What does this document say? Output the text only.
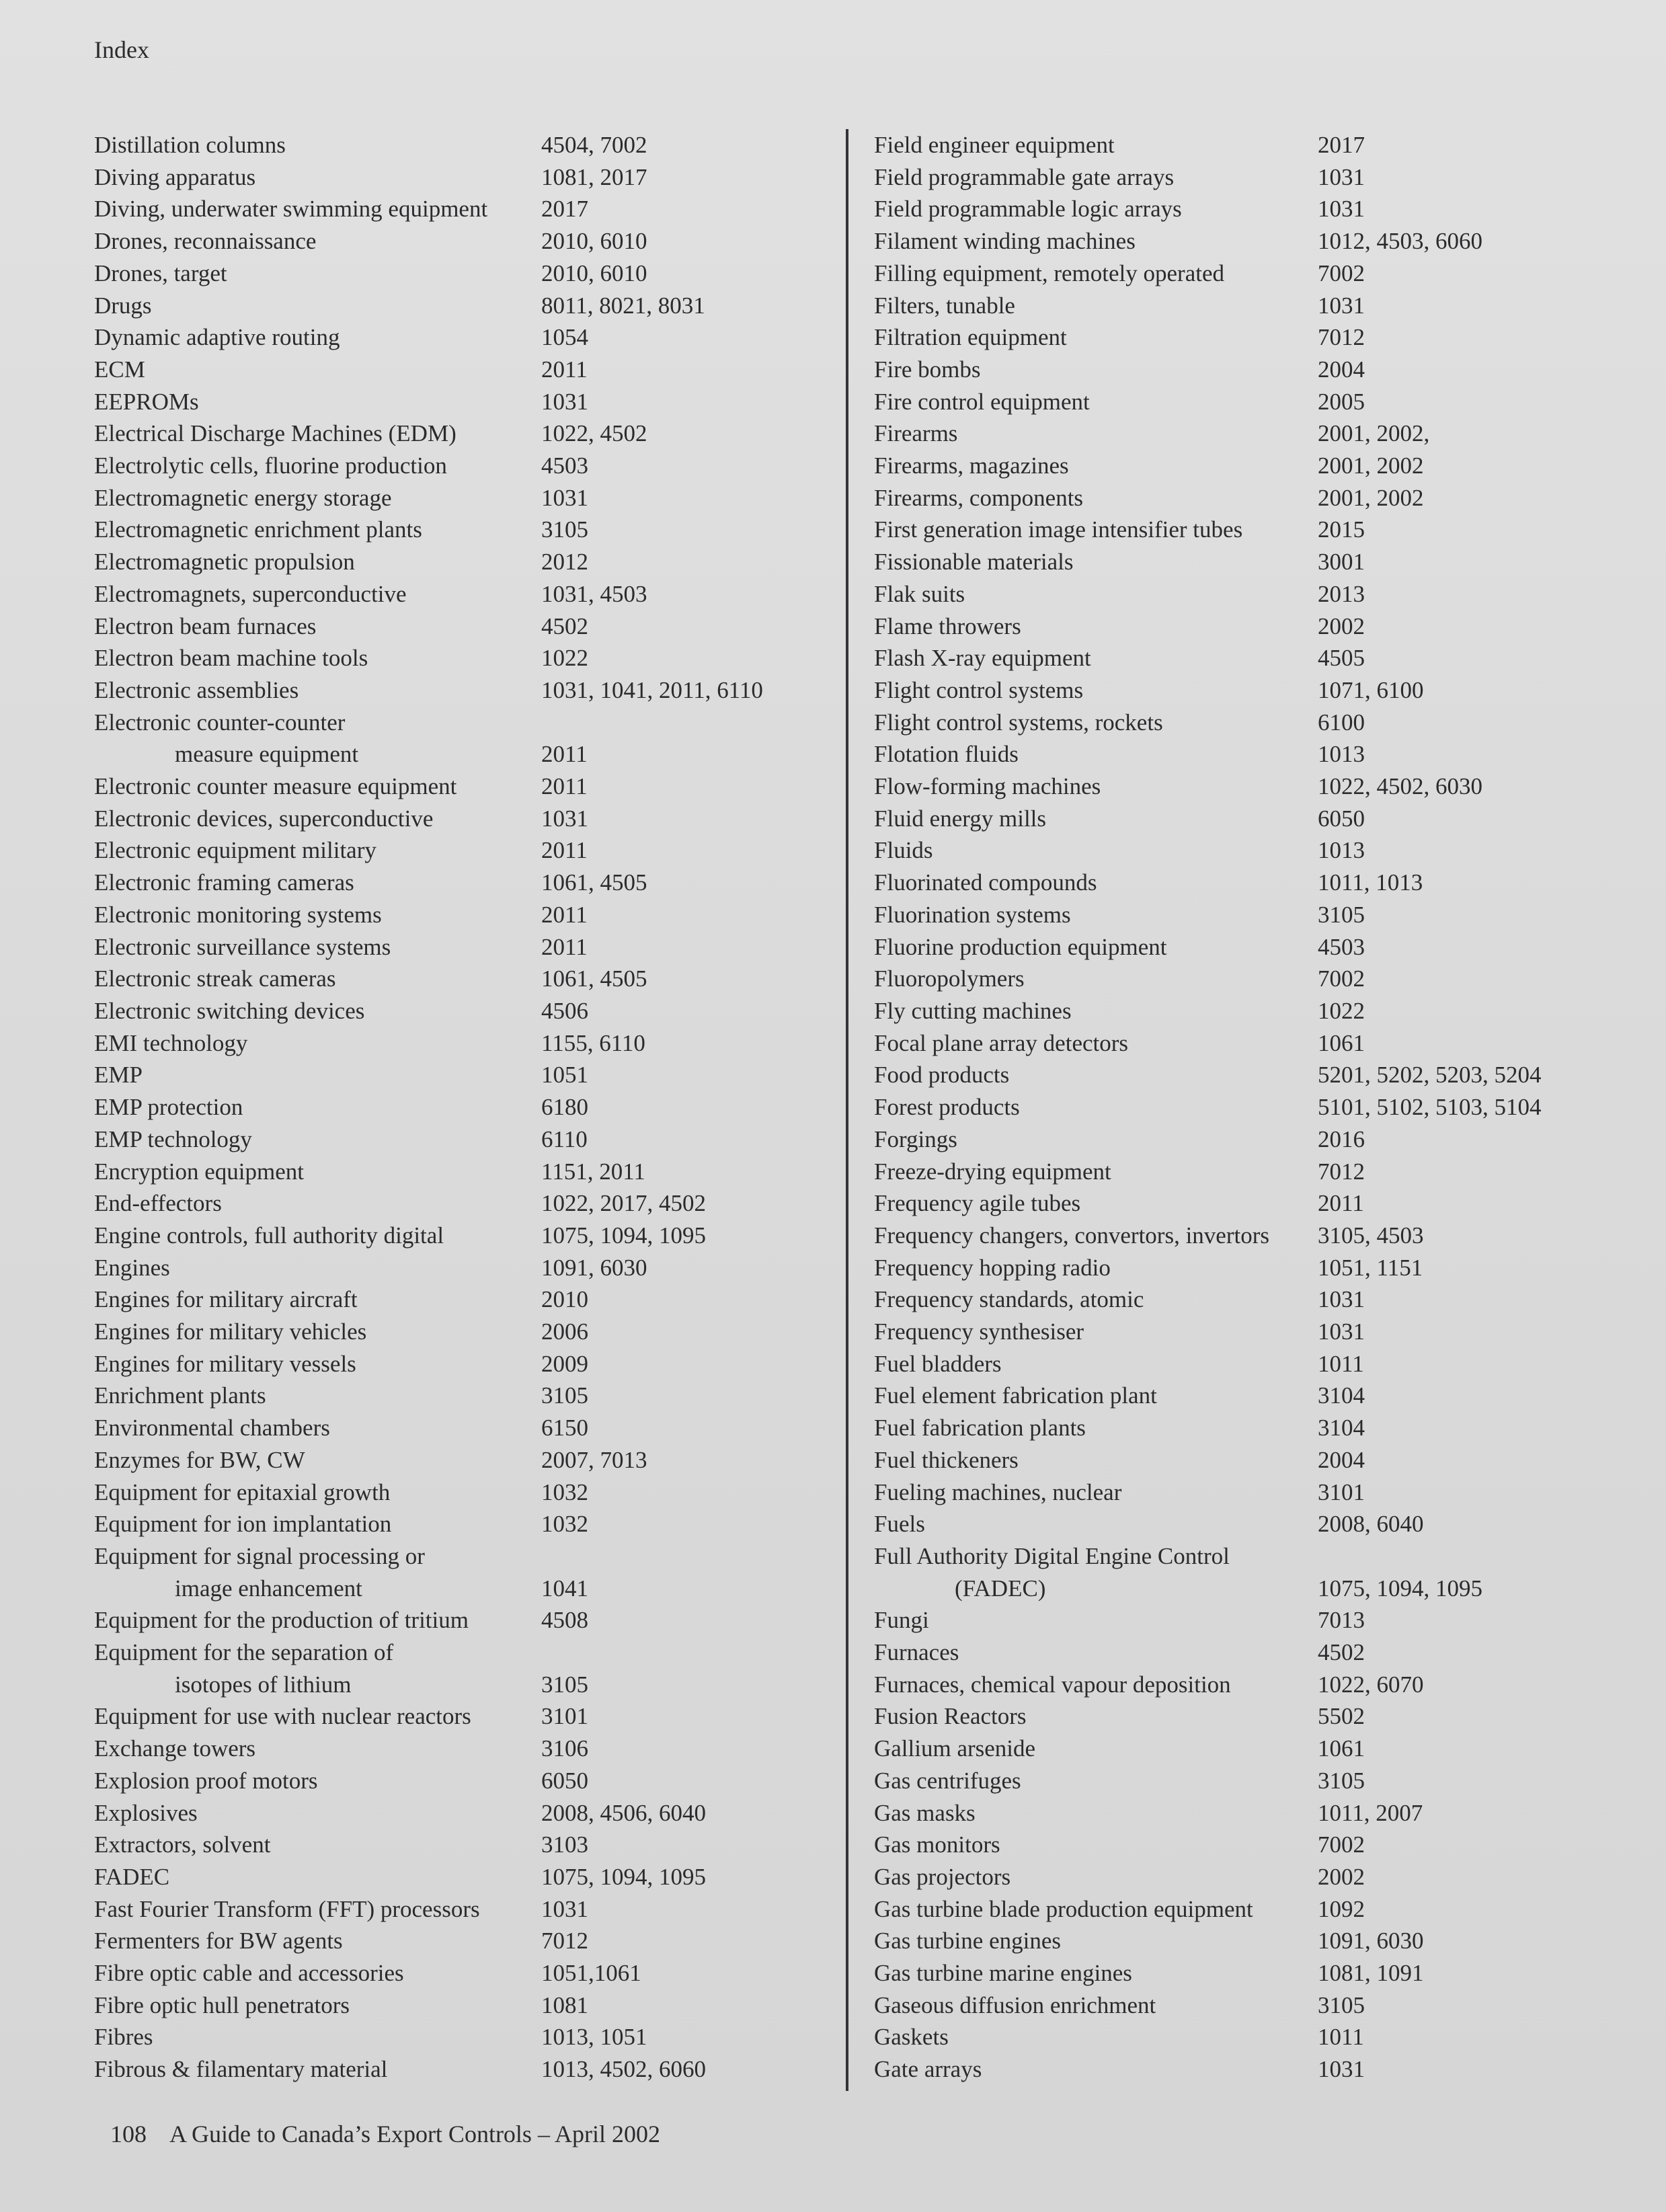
Index
Distillation columns	4504, 7002
Diving apparatus	1081, 2017
Diving, underwater swimming equipment 2017
Drones, reconnaissance	2010, 6010
Drones, target	2010, 6010
Drugs	8011, 8021, 8031
Dynamic adaptive routing	1054
ECM	2011
EEPROMs	1031
Electrical Discharge Machines (EDM)	1022, 4502
Electrolytic cells, fluorine production	4503
Electromagnetic energy storage	1031
Electromagnetic enrichment plants	3105
Electromagnetic propulsion	2012
Electromagnets, superconductive	1031, 4503
Electron beam furnaces	4502
Electron beam machine tools	1022
Electronic assemblies	1031, 1041, 2011, 6110
Electronic counter-counter
measure equipment	2011
Electronic counter measure equipment	2011
Electronic devices, superconductive	1031
Electronic equipment military	2011
Electronic framing cameras	1061, 4505
Electronic monitoring systems	2011
Electronic surveillance systems	2011
Electronic streak cameras	1061, 4505
Electronic switching devices	4506
EMI technology	1155, 6110
EMP	1051
EMP protection	6180
EMP technology	6110
Encryption equipment	1151, 2011
End-effectors	1022, 2017, 4502
Engine controls, full authority digital	1075, 1094, 1095
Engines	1091, 6030
Engines for military aircraft	2010
Engines for military vehicles	2006
Engines for military vessels	2009
Enrichment plants	3105
Environmental chambers	6150
Enzymes for BW, CW	2007, 7013
Equipment for epitaxial growth	1032
Equipment for ion implantation	1032
Equipment for signal processing or
image enhancement	1041
Equipment for the production of tritium	4508
Equipment for the separation of
isotopes of lithium	3105
Equipment for use with nuclear reactors	3101
Exchange towers	3106
Explosion proof motors	6050
Explosives	2008, 4506, 6040
Extractors, solvent	3103
FADEC	1075, 1094, 1095
Fast Fourier Transform (FFT) processors	1031
Fermenters for BW agents	7012
Fibre optic cable and accessories	1051,1061
Fibre optic hull penetrators	1081
Fibres	1013, 1051
Fibrous & filamentary material	1013, 4502, 6060
Field engineer equipment	2017
Field programmable gate arrays	1031
Field programmable logic arrays	1031
Filament winding machines	1012, 4503, 6060
Filling equipment, remotely operated	7002
Filters, tunable	1031
Filtration equipment	7012
Fire bombs	2004
Fire control equipment	2005
Firearms	2001, 2002,
Firearms, magazines	2001, 2002
Firearms, components	2001, 2002
First generation image intensifier tubes	2015
Fissionable materials	3001
Flak suits	2013
Flame throwers	2002
Flash X-ray equipment	4505
Flight control systems	1071, 6100
Flight control systems, rockets	6100
Flotation fluids	1013
Flow-forming machines	1022, 4502, 6030
Fluid energy mills	6050
Fluids	1013
Fluorinated compounds	1011, 1013
Fluorination systems	3105
Fluorine production equipment	4503
Fluoropolymers	7002
Fly cutting machines	1022
Focal plane array detectors	1061
Food products	5201, 5202, 5203, 5204
Forest products	5101, 5102, 5103, 5104
Forgings	2016
Freeze-drying equipment	7012
Frequency agile tubes	2011
Frequency changers, convertors, invertors 3105, 4503
Frequency hopping radio	1051, 1151
Frequency standards, atomic	1031
Frequency synthesiser	1031
Fuel bladders	1011
Fuel element fabrication plant	3104
Fuel fabrication plants	3104
Fuel thickeners	2004
Fueling machines, nuclear	3101
Fuels	2008, 6040
Full Authority Digital Engine Control
(FADEC)	1075, 1094, 1095
Fungi	7013
Furnaces	4502
Furnaces, chemical vapour deposition	1022, 6070
Fusion Reactors	5502
Gallium arsenide	1061
Gas centrifuges	3105
Gas masks	1011, 2007
Gas monitors	7002
Gas projectors	2002
Gas turbine blade production equipment	1092
Gas turbine engines	1091, 6030
Gas turbine marine engines	1081, 1091
Gaseous diffusion enrichment	3105
Gaskets	1011
Gate arrays	1031
108 A Guide to Canada’s Export Controls – April 2002
